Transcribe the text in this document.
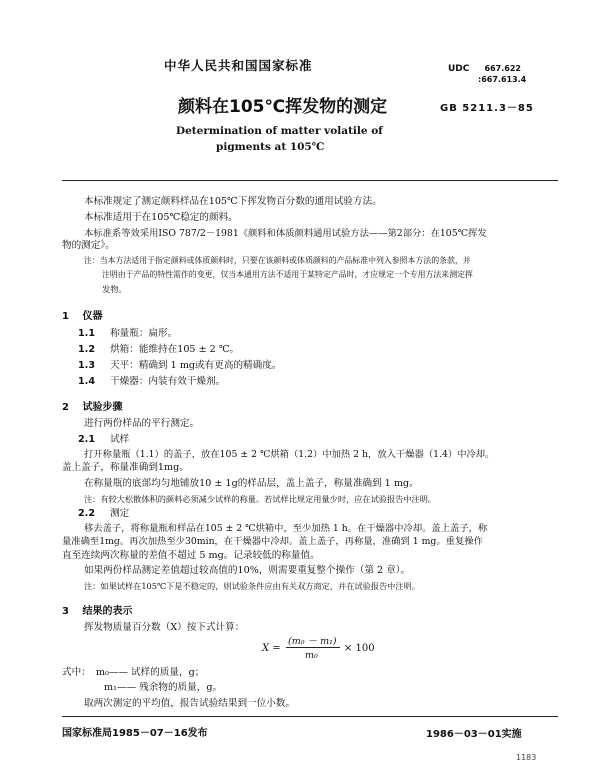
中华人民共和国国家标准	UDC 667.622
:667.613.4
颜料在105℃挥发物的测定	GB 5211.3－85
Determination of matter volatile of
pigments at 105℃
本标准规定了测定颜料样品在105℃下挥发物百分数的通用试验方法。
本标准适用于在105℃稳定的颜料。
本标准系等效采用ISO 787/2－1981《颜料和体质颜料通用试验方法——第2部分：在105℃挥发
物的测定》。
注：当本方法适用于指定颜料或体质颜料时，只要在该颜料或体质颜料的产品标准中列入参照本方法的条款，并
注明由于产品的特性需作的变更，仅当本通用方法不适用于某特定产品时，才应规定一个专用方法来测定挥
发物。
1 仪器
1.1 称量瓶：扁形。
1.2 烘箱：能维持在105 ± 2 ℃。
1.3 天平：精确到 1 mg或有更高的精确度。
1.4 干燥器：内装有效干燥剂。
2 试验步骤
进行两份样品的平行测定。
2.1 试样
打开称量瓶（1.1）的盖子，放在105 ± 2 ℃烘箱（1.2）中加热 2 h，放入干燥器（1.4）中冷却。
盖上盖子，称量准确到1mg。
在称量瓶的底部均匀地铺放10 ± 1g的样品层，盖上盖子，称量准确到 1 mg。
注：有较大松散体积的颜料必须减少试样的称量。若试样比规定用量少时，应在试验报告中注明。
2.2 测定
移去盖子，将称量瓶和样品在105 ± 2 ℃烘箱中，至少加热 1 h。在干燥器中冷却。盖上盖子，称
量准确至1mg。再次加热至少30min，在干燥器中冷却。盖上盖子，再称量，准确到 1 mg。重复操作
直至连续两次称量的差值不超过 5 mg。记录较低的称量值。
如果两份样品测定差值超过较高值的10%，则需要重复整个操作（第 2 章）。
注：如果试样在105℃下是不稳定的，则试验条件应由有关双方商定，并在试验报告中注明。
3 结果的表示
挥发物质量百分数（X）按下式计算：
X =
(m₀ － m₁)
m₀
× 100
式中： m₀—— 试样的质量，g；
m₁—— 残余物的质量，g。
取两次测定的平均值，报告试验结果到一位小数。
国家标准局1985－07－16发布	1986－03－01实施
1183
